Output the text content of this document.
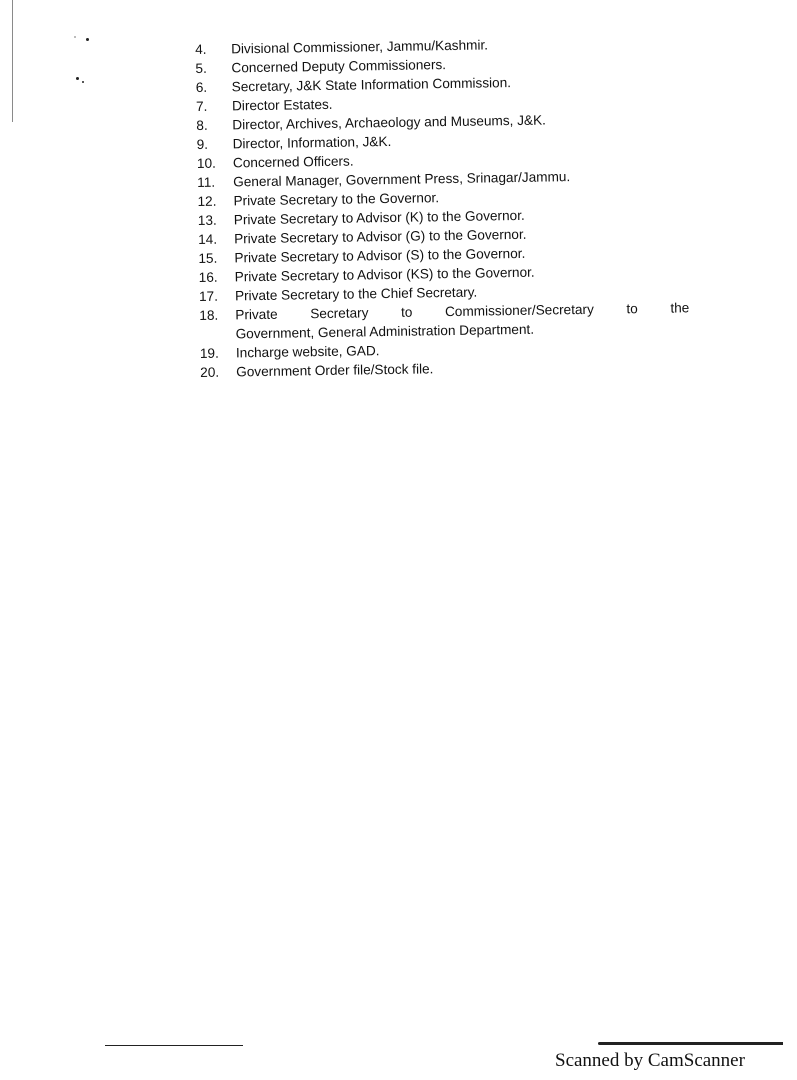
4.	Divisional Commissioner, Jammu/Kashmir.
5.	Concerned Deputy Commissioners.
6.	Secretary, J&K State Information Commission.
7.	Director Estates.
8.	Director, Archives, Archaeology and Museums, J&K.
9.	Director, Information, J&K.
10.	Concerned Officers.
11.	General Manager, Government Press, Srinagar/Jammu.
12.	Private Secretary to the Governor.
13.	Private Secretary to Advisor (K) to the Governor.
14.	Private Secretary to Advisor (G) to the Governor.
15.	Private Secretary to Advisor (S) to the Governor.
16.	Private Secretary to Advisor (KS) to the Governor.
17.	Private Secretary to the Chief Secretary.
18.	Private Secretary to Commissioner/Secretary to the
Government, General Administration Department.
19.	Incharge website, GAD.
20.	Government Order file/Stock file.
Scanned by CamScanner
